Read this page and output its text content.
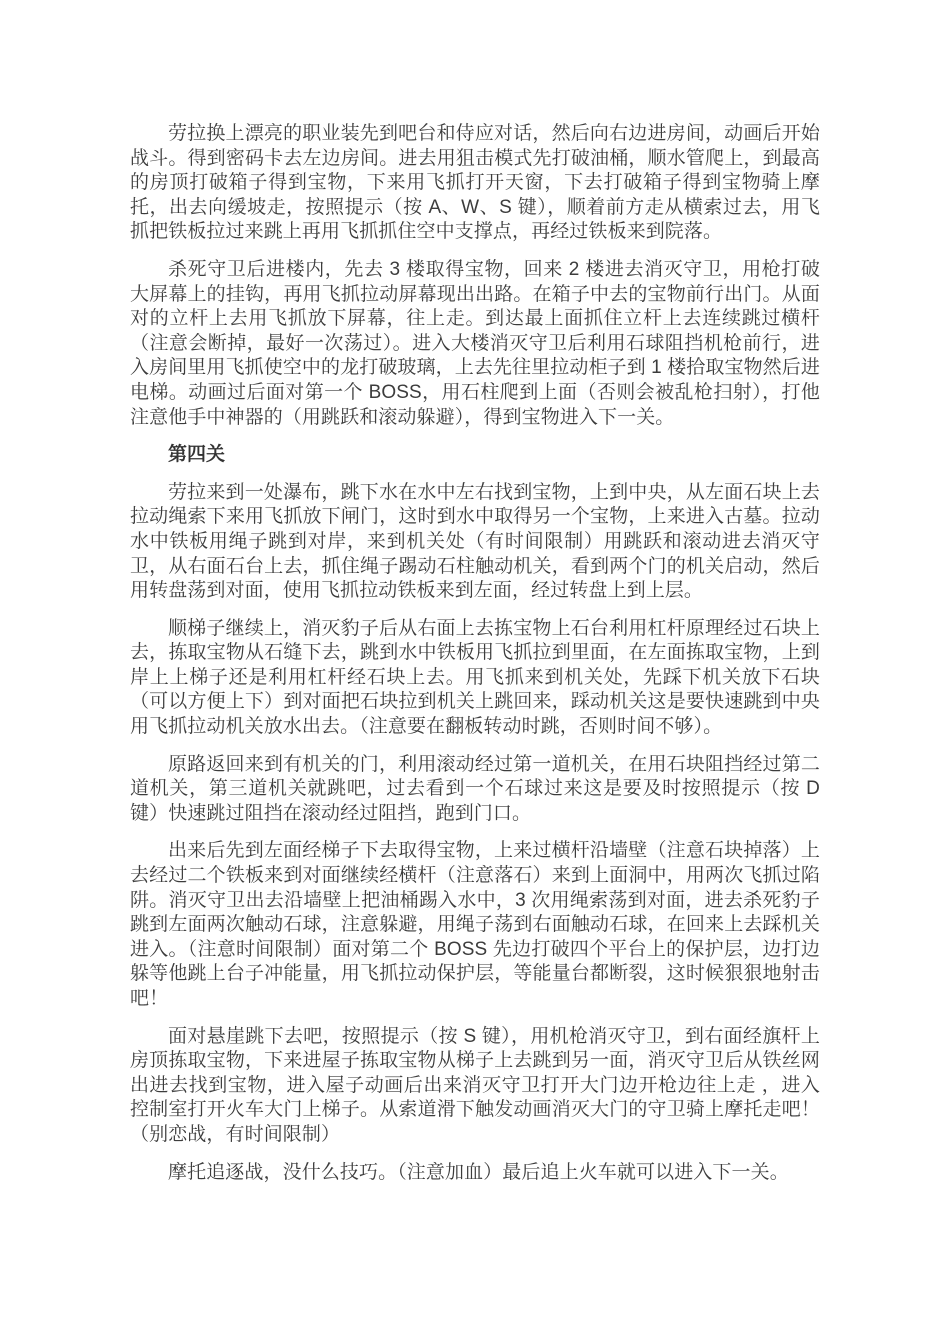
劳拉换上漂亮的职业装先到吧台和侍应对话，然后向右边进房间，动画后开始战斗。得到密码卡去左边房间。进去用狙击模式先打破油桶，顺水管爬上，到最高的房顶打破箱子得到宝物，下来用飞抓打开天窗，下去打破箱子得到宝物骑上摩托，出去向缓坡走，按照提示（按 A、W、S 键），顺着前方走从横索过去，用飞抓把铁板拉过来跳上再用飞抓抓住空中支撑点，再经过铁板来到院落。

杀死守卫后进楼内，先去 3 楼取得宝物，回来 2 楼进去消灭守卫，用枪打破大屏幕上的挂钩，再用飞抓拉动屏幕现出出路。在箱子中去的宝物前行出门。从面对的立杆上去用飞抓放下屏幕，往上走。到达最上面抓住立杆上去连续跳过横杆（注意会断掉，最好一次荡过）。进入大楼消灭守卫后利用石球阻挡机枪前行，进入房间里用飞抓使空中的龙打破玻璃，上去先往里拉动柜子到 1 楼拾取宝物然后进电梯。动画过后面对第一个 BOSS，用石柱爬到上面（否则会被乱枪扫射），打他注意他手中神器的（用跳跃和滚动躲避），得到宝物进入下一关。

第四关

劳拉来到一处瀑布，跳下水在水中左右找到宝物，上到中央，从左面石块上去拉动绳索下来用飞抓放下闸门，这时到水中取得另一个宝物，上来进入古墓。拉动水中铁板用绳子跳到对岸，来到机关处（有时间限制）用跳跃和滚动进去消灭守卫，从右面石台上去，抓住绳子踢动石柱触动机关，看到两个门的机关启动，然后用转盘荡到对面，使用飞抓拉动铁板来到左面，经过转盘上到上层。

顺梯子继续上，消灭豹子后从右面上去拣宝物上石台利用杠杆原理经过石块上去，拣取宝物从石缝下去，跳到水中铁板用飞抓拉到里面，在左面拣取宝物，上到岸上上梯子还是利用杠杆经石块上去。用飞抓来到机关处，先踩下机关放下石块（可以方便上下）到对面把石块拉到机关上跳回来，踩动机关这是要快速跳到中央用飞抓拉动机关放水出去。（注意要在翻板转动时跳，否则时间不够）。

原路返回来到有机关的门，利用滚动经过第一道机关，在用石块阻挡经过第二道机关，第三道机关就跳吧，过去看到一个石球过来这是要及时按照提示（按 D 键）快速跳过阻挡在滚动经过阻挡，跑到门口。

出来后先到左面经梯子下去取得宝物，上来过横杆沿墙壁（注意石块掉落）上去经过二个铁板来到对面继续经横杆（注意落石）来到上面洞中，用两次飞抓过陷阱。消灭守卫出去沿墙壁上把油桶踢入水中，3 次用绳索荡到对面，进去杀死豹子跳到左面两次触动石球，注意躲避，用绳子荡到右面触动石球，在回来上去踩机关进入。（注意时间限制）面对第二个 BOSS 先边打破四个平台上的保护层，边打边躲等他跳上台子冲能量，用飞抓拉动保护层，等能量台都断裂，这时候狠狠地射击吧！

面对悬崖跳下去吧，按照提示（按 S 键），用机枪消灭守卫，到右面经旗杆上房顶拣取宝物，下来进屋子拣取宝物从梯子上去跳到另一面，消灭守卫后从铁丝网出进去找到宝物，进入屋子动画后出来消灭守卫打开大门边开枪边往上走 ，进入控制室打开火车大门上梯子。从索道滑下触发动画消灭大门的守卫骑上摩托走吧！（别恋战，有时间限制）

摩托追逐战，没什么技巧。（注意加血）最后追上火车就可以进入下一关。
